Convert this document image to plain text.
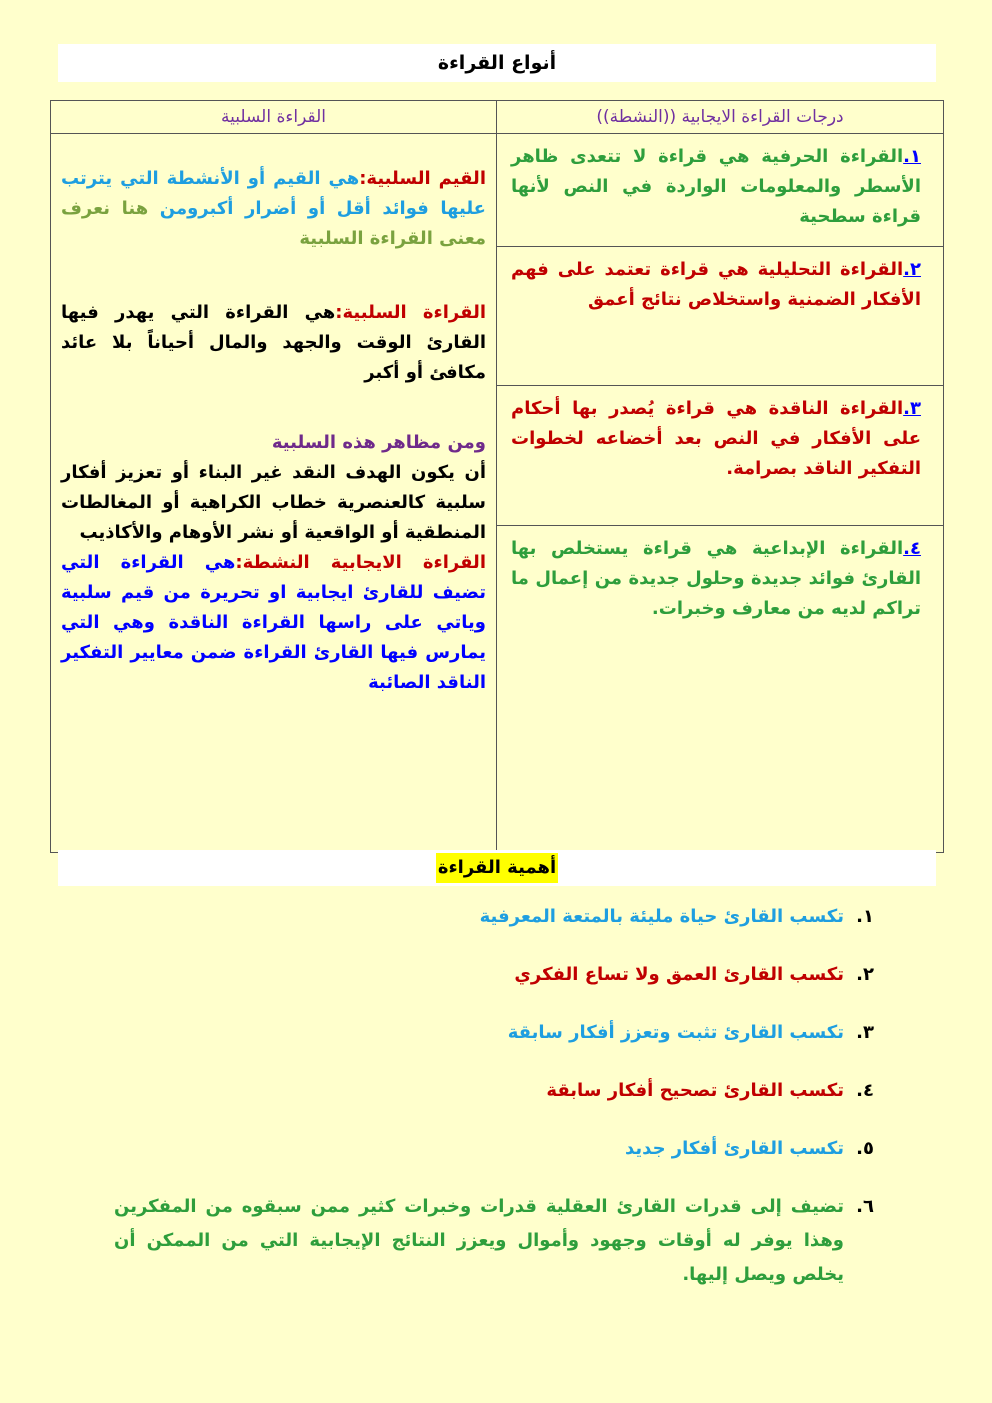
أنواع القراءة
درجات القراءة الايجابية ((النشطة))	القراءة السلبية
١.القراءة الحرفية هي قراءة لا تتعدى ظاهر الأسطر والمعلومات الواردة في النص لأنها قراءة سطحية	القيم السلبية:هي القيم أو الأنشطة التي يترتب عليها فوائد أقل أو أضرار أكبرومن هنا نعرف معنى القراءة السلبية
القراءة السلبية:هي القراءة التي يهدر فيها القارئ الوقت والجهد والمال أحياناً بلا عائد مكافئ أو أكبر
ومن مظاهر هذه السلبية
أن يكون الهدف النقد غير البناء أو تعزيز أفكار سلبية كالعنصرية خطاب الكراهية أو المغالطات المنطقية أو الواقعية أو نشر الأوهام والأكاذيب
القراءة الايجابية النشطة:هي القراءة التي تضيف للقارئ ايجابية او تحريرة من قيم سلبية وياتي على راسها القراءة الناقدة وهي التي يمارس فيها القارئ القراءة ضمن معايير التفكير الناقد الصائبة

٢.القراءة التحليلية هي قراءة تعتمد على فهم الأفكار الضمنية واستخلاص نتائج أعمق	
٣.القراءة الناقدة هي قراءة يُصدر بها أحكام على الأفكار في النص بعد أخضاعه لخطوات التفكير الناقد بصرامة.	
٤.القراءة الإبداعية هي قراءة يستخلص بها القارئ فوائد جديدة وحلول جديدة من إعمال ما تراكم لديه من معارف وخبرات.	
أهمية القراءة
١.
تكسب القارئ حياة مليئة بالمتعة المعرفية
٢.
تكسب القارئ العمق ولا تساع الفكري
٣.
تكسب القارئ تثبت وتعزز أفكار سابقة
٤.
تكسب القارئ تصحيح أفكار سابقة
٥.
تكسب القارئ أفكار جديد
٦.
تضيف إلى قدرات القارئ العقلية قدرات وخبرات كثير ممن سبقوه من المفكرين وهذا يوفر له أوقات وجهود وأموال ويعزز النتائج الإيجابية التي من الممكن أن يخلص ويصل إليها.
